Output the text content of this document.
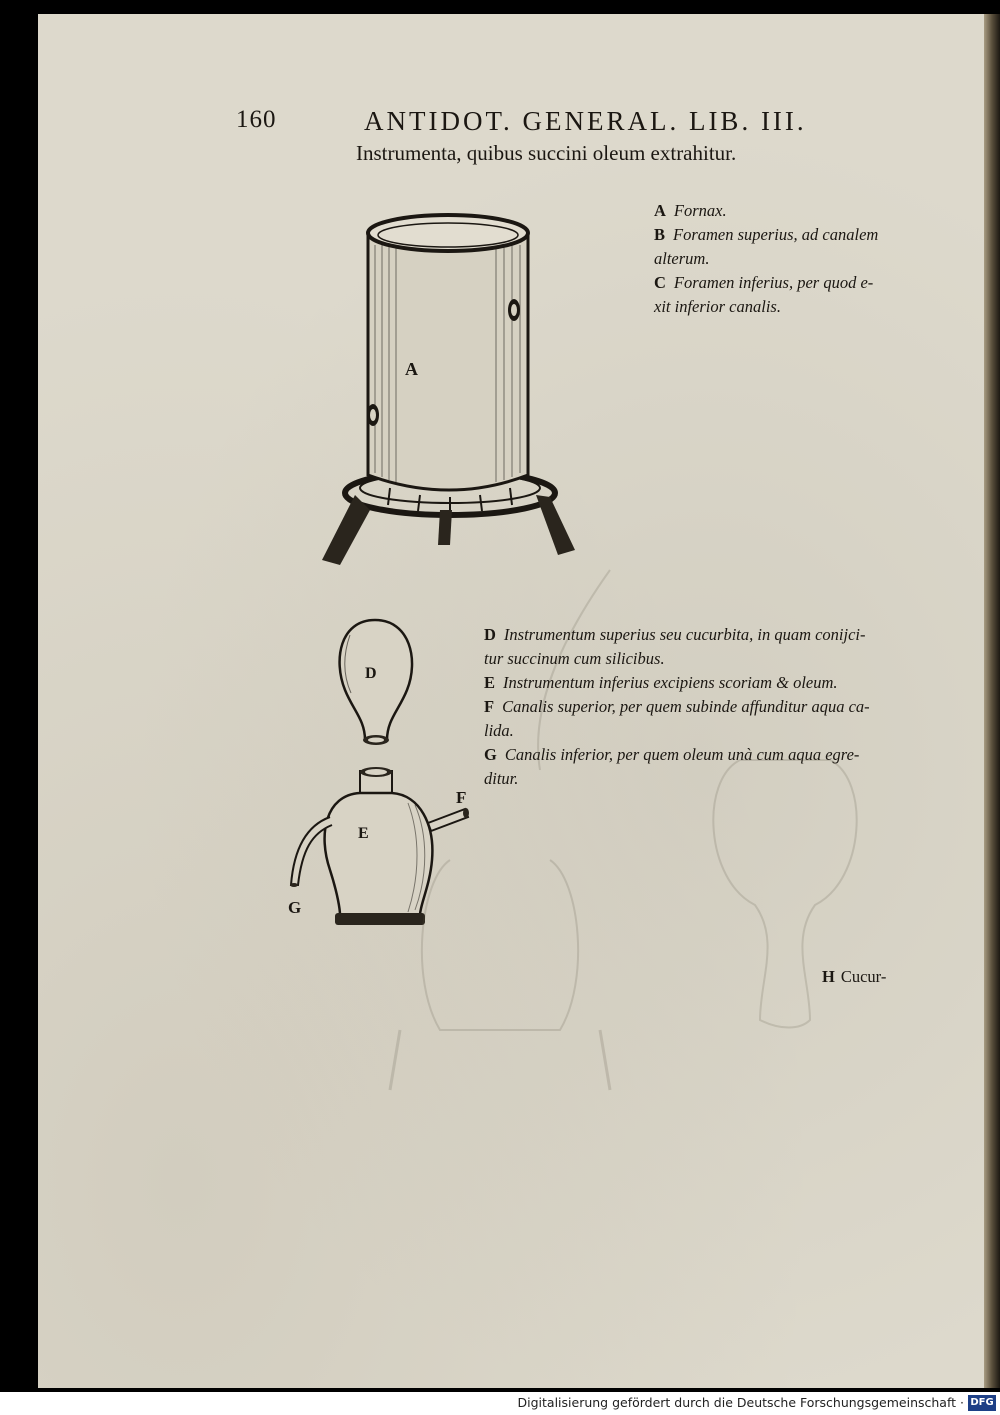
160	ANTIDOT. GENERAL. LIB. III.
Instrumenta, quibus succini oleum extrahitur.
A
A Fornax.
B Foramen superius, ad canalem
alterum.
C Foramen inferius, per quod e-
xit inferior canalis.
D
E
F
G
D Instrumentum superius seu cucurbita, in quam conijci-
tur succinum cum silicibus.
E Instrumentum inferius excipiens scoriam & oleum.
F Canalis superior, per quem subinde affunditur aqua ca-
lida.
G Canalis inferior, per quem oleum unà cum aqua egre-
ditur.
H Cucur-
Digitalisierung gefördert durch die Deutsche Forschungsgemeinschaft · DFG
